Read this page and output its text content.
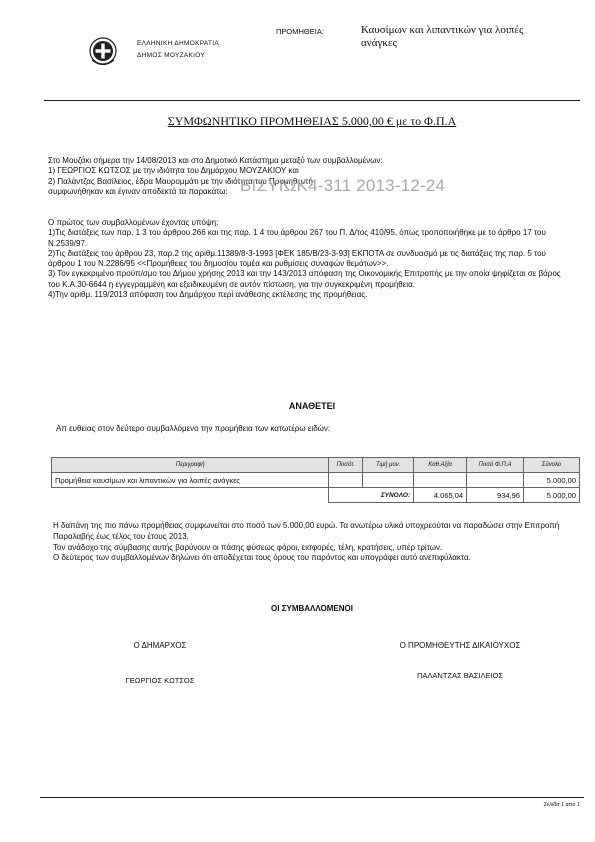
ΕΛΛΗΝΙΚΗ ΔΗΜΟΚΡΑΤΙΑ
ΔΗΜΟΣ ΜΟΥΖΑΚΙΟΥ
ΠΡΟΜΗΘΕΙΑ:	Καυσίμων και λιπαντικών για λοιπές ανάγκες
ΣΥΜΦΩΝΗΤΙΚΟ ΠΡΟΜΗΘΕΙΑΣ 5.000,00 € με το Φ.Π.Α
Στο Μουζάκι σήμερα την 14/08/2013 και στο Δημοτικό Κατάστημα μεταξύ των συμβαλλομένων:
1) ΓΕΩΡΓΙΟΣ ΚΩΤΣΟΣ με την ιδιότητα του Δημάρχου ΜΟΥΖΑΚΙΟΥ και
2) Παλάντζας Βασίλειος, έδρα Μαυρομμάτι με την ιδιότητα του Προμηθευτή
συμφωνήθηκαν και έγιναν αποδεκτά τα παρακάτω: ΒΙΣΥΙΩΚ4-311 2013-12-24

Ο πρώτος των συμβαλλομένων έχοντας υπόψη:

1)Τις διατάξεις των παρ. 1 3 του άρθρου 266 και της παρ. 1 4 του άρθρου 267 του Π. Δ/τος 410/95, όπως τροποποιήθηκε με το άρθρο 17 του Ν.2539/97.

2)Τις διατάξεις του άρθρου 23, παρ.2 της αριθμ.11389/8-3-1993 [ΦΕΚ 185/Β/23-3-93] ΕΚΠΟΤΑ σε συνδυασμό με τις διατάξεις της παρ. 5 του άρθρου 1 του Ν.2286/95 <<Προμήθειες του δημοσίου τομέα και ρυθμίσεις συναφών θεμάτων>>.

3) Τον εγκεκριμένο προϋπ/σμο του Δήμου χρήσης 2013 και την 143/2013 απόφαση της Οικονομικής Επιτροπής με την οποία ψηφίζεται σε βάρος του Κ.Α.30-6644 η εγγεγραμμένη και εξειδικευμένη σε αυτόν πίστωση, για την συγκεκριμένη προμήθεια.

4)Την αριθμ. 119/2013 απόφαση του Δημάρχου περί ανάθεσης εκτέλεσης της προμήθειας.

ΑΝΑΘΕΤΕΙ
Απ ευθείας στον δεύτερο συμβαλλόμενο την προμήθεια των κατωτέρω ειδών:
Περιγραφή	Ποσότ.	Τιμή μον.	Καθ.Αξία	Ποσό Φ.Π.Α	Σύνολο
Προμήθεια καυσίμων και λιπαντικών για λοιπές ανάγκες					5.000,00
	ΣΥΝΟΛΟ:		4.065,04	934,96	5.000,00

Η δαπάνη της πιο πάνω προμήθειας συμφωνείται στο ποσό των 5.000,00 ευρώ. Τα ανωτέρω υλικά υποχρεούται να παραδώσει στην Επιτροπή Παραλαβής έως τέλος του έτους 2013.

Τον ανάδοχο της σύμβασης αυτής βαρύνουν οι πάσης φύσεως φόροι, εισφορές, τέλη, κρατήσεις, υπέρ τρίτων.

Ο δεύτερος των συμβαλλομένων δηλώνει ότι αποδέχεται τους όρους του παρόντος και υπογράφει αυτό ανεπιφύλακτα.

ΟΙ ΣΥΜΒΑΛΛΟΜΕΝΟΙ
Ο ΔΗΜΑΡΧΟΣ	Ο ΠΡΟΜΗΘΕΥΤΗΣ ΔΙΚΑΙΟΥΧΟΣ
ΓΕΩΡΓΙΟΣ ΚΩΤΣΟΣ
ΠΑΛΑΝΤΖΑΣ ΒΑΣΙΛΕΙΟΣ
Σελίδα 1 από 1
